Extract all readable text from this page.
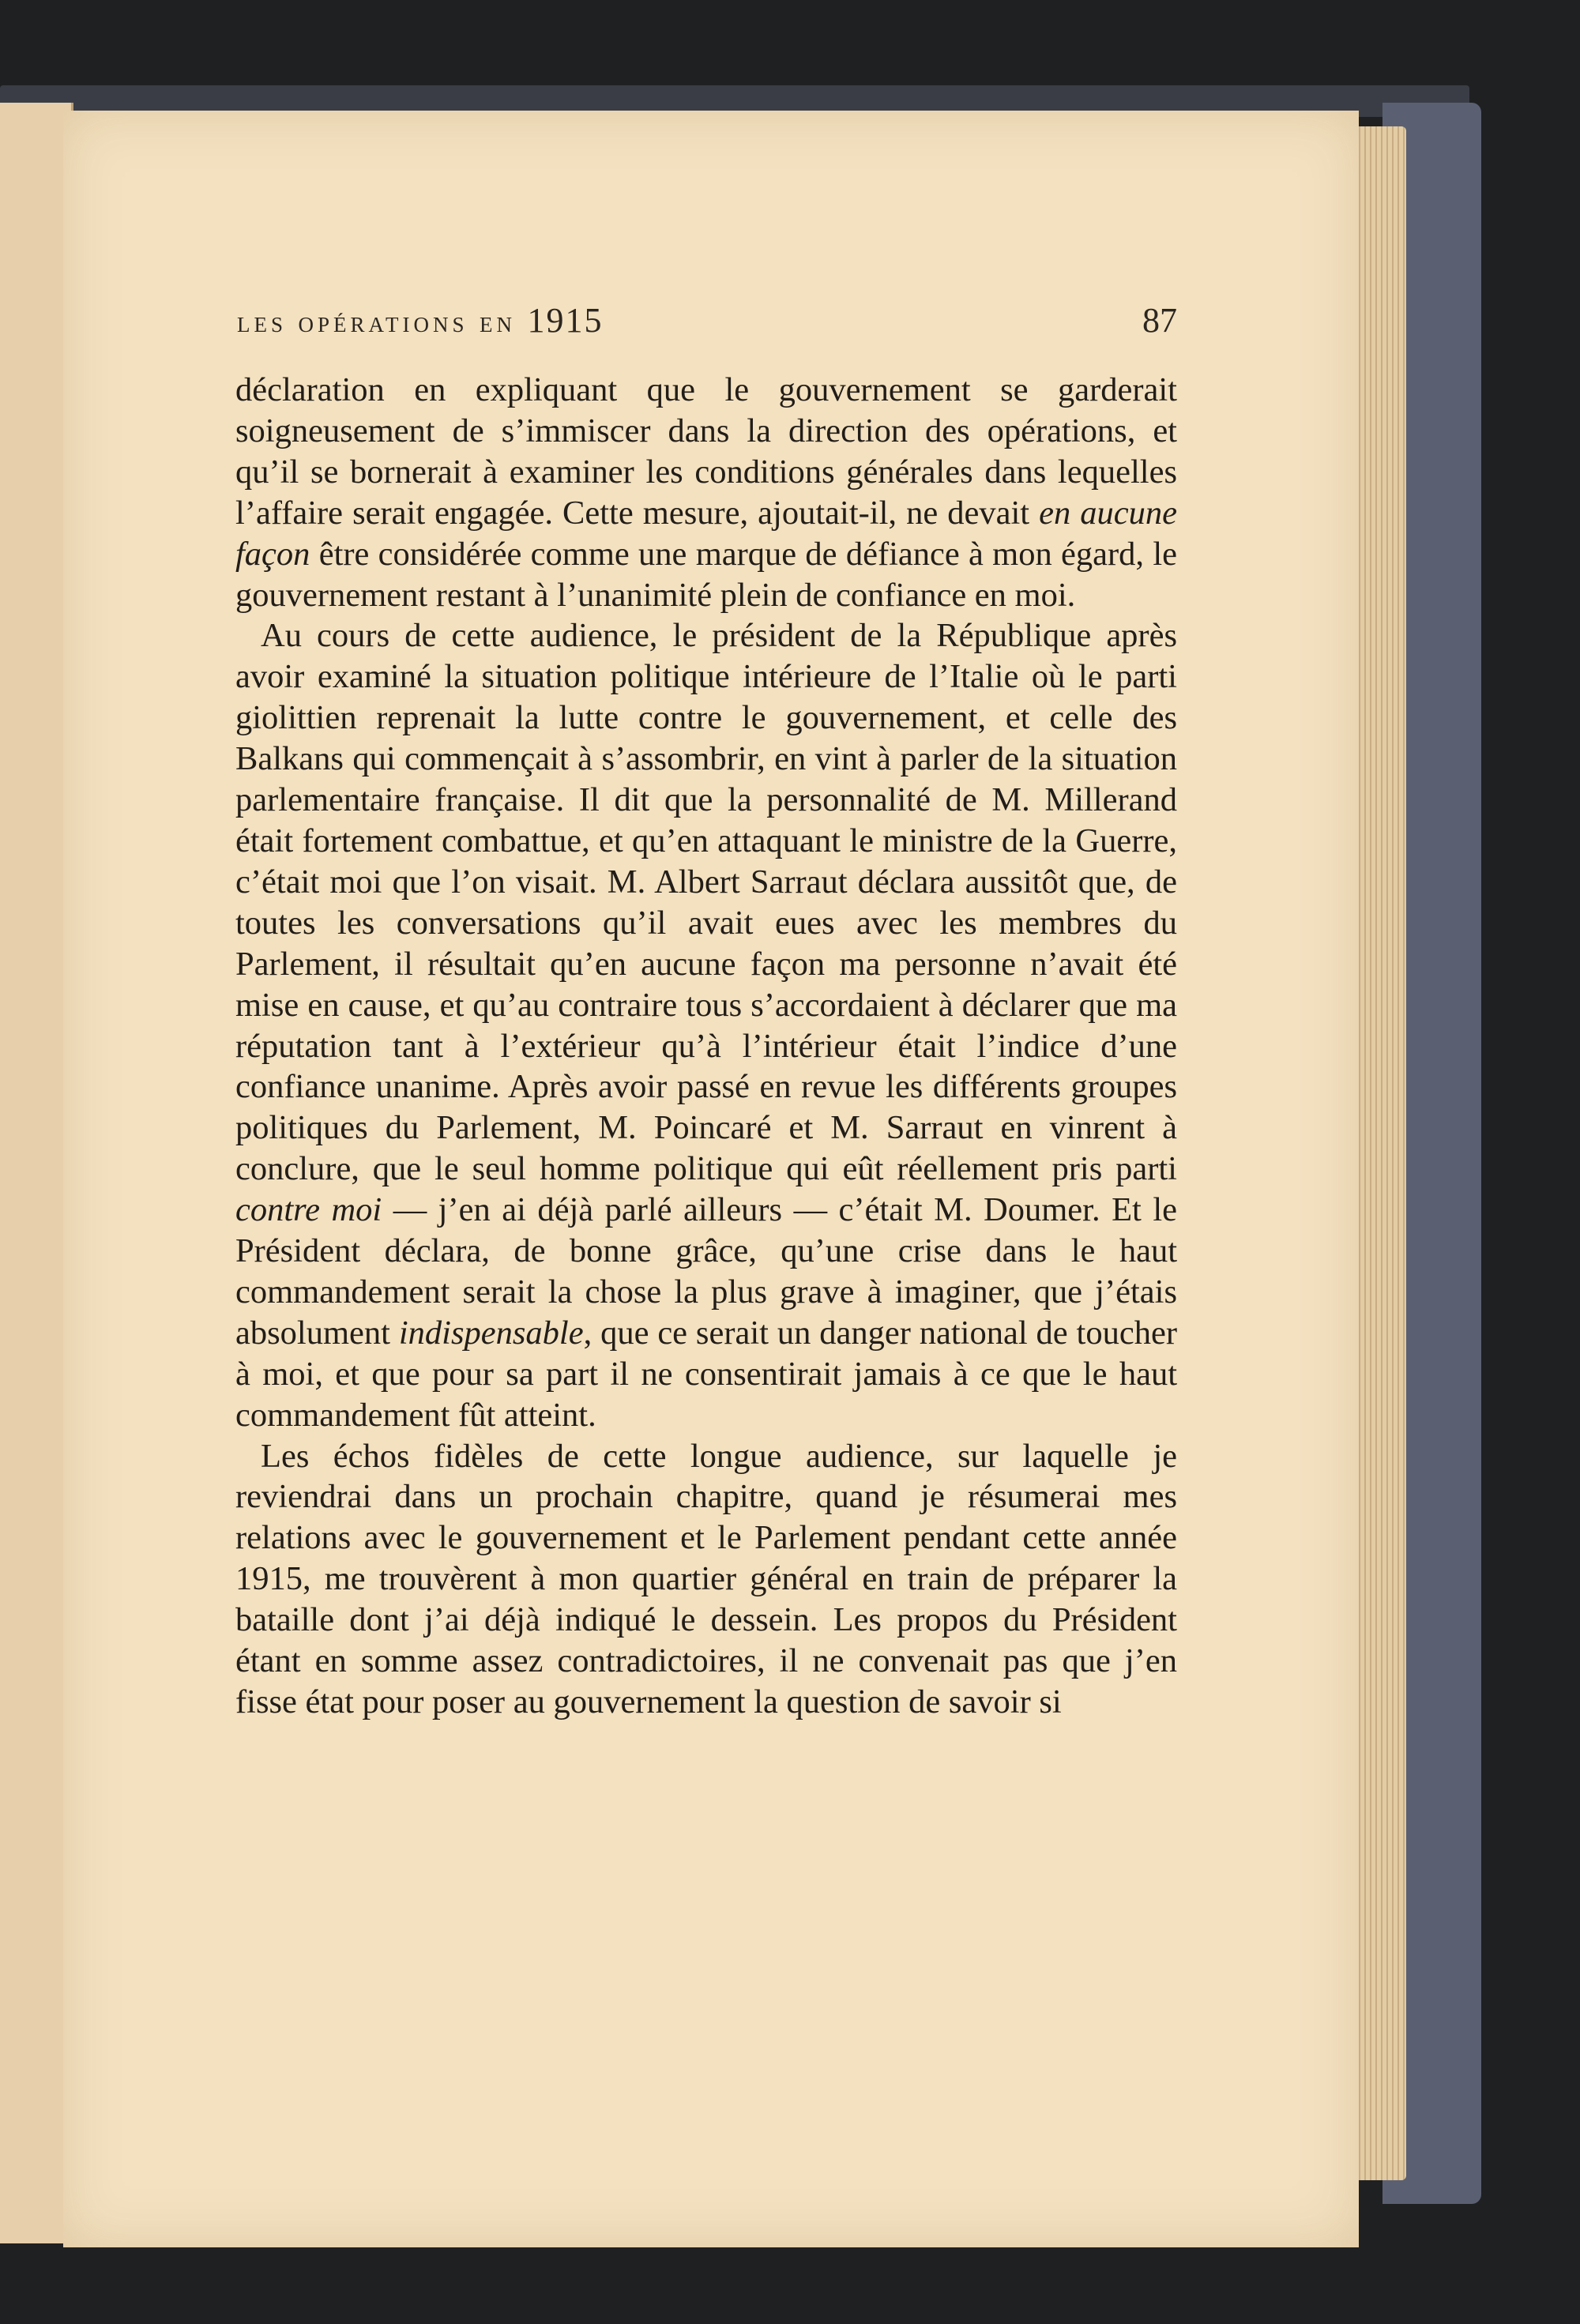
les opérations en 1915	87

déclaration en expliquant que le gouvernement se garderait soigneusement de s’immiscer dans la direction des opérations, et qu’il se bornerait à examiner les conditions générales dans lequelles l’affaire serait engagée. Cette mesure, ajoutait-il, ne devait en aucune façon être considérée comme une marque de défiance à mon égard, le gouvernement restant à l’unanimité plein de confiance en moi.

Au cours de cette audience, le président de la République après avoir examiné la situation politique intérieure de l’Italie où le parti giolittien reprenait la lutte contre le gouvernement, et celle des Balkans qui commençait à s’assombrir, en vint à parler de la situation parlementaire française. Il dit que la personnalité de M. Millerand était fortement combattue, et qu’en attaquant le ministre de la Guerre, c’était moi que l’on visait. M. Albert Sarraut déclara aussitôt que, de toutes les conversations qu’il avait eues avec les membres du Parlement, il résultait qu’en aucune façon ma personne n’avait été mise en cause, et qu’au contraire tous s’accordaient à déclarer que ma réputation tant à l’extérieur qu’à l’intérieur était l’indice d’une confiance unanime. Après avoir passé en revue les différents groupes politiques du Parlement, M. Poincaré et M. Sarraut en vinrent à conclure, que le seul homme politique qui eût réellement pris parti contre moi — j’en ai déjà parlé ailleurs — c’était M. Doumer. Et le Président déclara, de bonne grâce, qu’une crise dans le haut commandement serait la chose la plus grave à imaginer, que j’étais absolument indispensable, que ce serait un danger national de toucher à moi, et que pour sa part il ne consentirait jamais à ce que le haut commandement fût atteint.

Les échos fidèles de cette longue audience, sur laquelle je reviendrai dans un prochain chapitre, quand je résumerai mes relations avec le gouvernement et le Parlement pendant cette année 1915, me trouvèrent à mon quartier général en train de préparer la bataille dont j’ai déjà indiqué le dessein. Les propos du Président étant en somme assez contradictoires, il ne convenait pas que j’en fisse état pour poser au gouvernement la question de savoir si
